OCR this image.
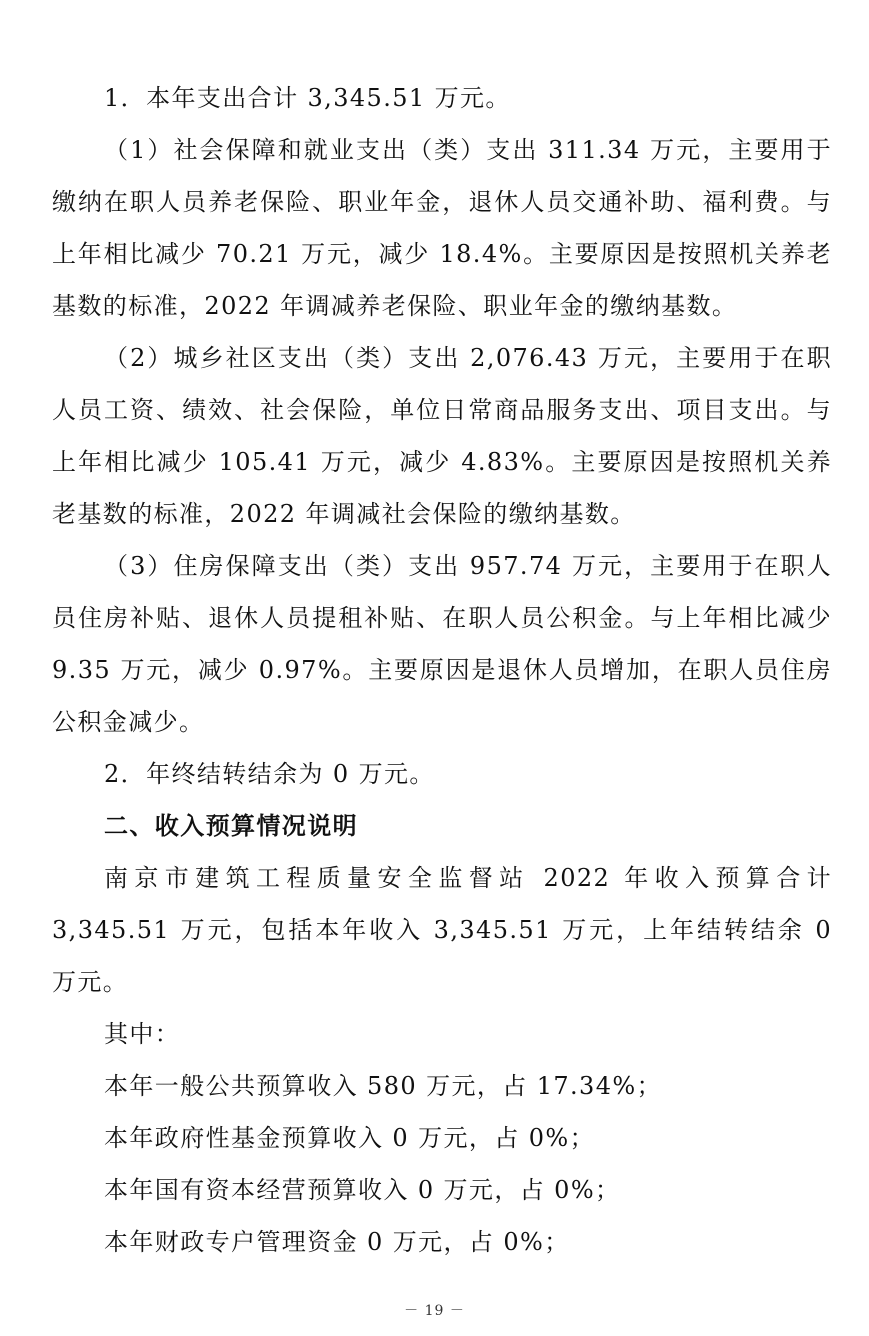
1．本年支出合计 3,345.51 万元。

（1）社会保障和就业支出（类）支出 311.34 万元，主要用于缴纳在职人员养老保险、职业年金，退休人员交通补助、福利费。与上年相比减少 70.21 万元，减少 18.4%。主要原因是按照机关养老基数的标准，2022 年调减养老保险、职业年金的缴纳基数。

（2）城乡社区支出（类）支出 2,076.43 万元，主要用于在职人员工资、绩效、社会保险，单位日常商品服务支出、项目支出。与上年相比减少 105.41 万元，减少 4.83%。主要原因是按照机关养老基数的标准，2022 年调减社会保险的缴纳基数。

（3）住房保障支出（类）支出 957.74 万元，主要用于在职人员住房补贴、退休人员提租补贴、在职人员公积金。与上年相比减少 9.35 万元，减少 0.97%。主要原因是退休人员增加，在职人员住房公积金减少。

2．年终结转结余为 0 万元。

二、收入预算情况说明

南京市建筑工程质量安全监督站 2022 年收入预算合计 3,345.51 万元，包括本年收入 3,345.51 万元，上年结转结余 0 万元。

其中：

本年一般公共预算收入 580 万元，占 17.34%；

本年政府性基金预算收入 0 万元，占 0%；

本年国有资本经营预算收入 0 万元，占 0%；

本年财政专户管理资金 0 万元，占 0%；

－ 19 －
